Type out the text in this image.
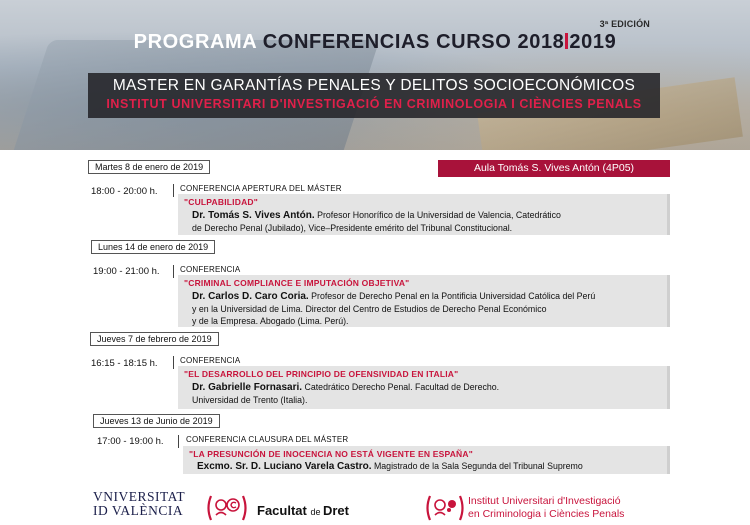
3ª EDICIÓN
PROGRAMA CONFERENCIAS CURSO 2018 2019
MASTER EN GARANTÍAS PENALES Y DELITOS SOCIOECONÓMICOS
INSTITUT UNIVERSITARI D'INVESTIGACIÓ EN CRIMINOLOGIA I CIÈNCIES PENALS
Martes 8 de enero de 2019	Aula Tomás S. Vives Antón (4P05)
18:00 - 20:00 h.	CONFERENCIA APERTURA DEL MÁSTER
"CULPABILIDAD"
Dr. Tomás S. Vives Antón. Profesor Honorífico de la Universidad de Valencia, Catedrático
de Derecho Penal (Jubilado), Vice–Presidente emérito del Tribunal Constitucional.
Lunes 14 de enero de 2019
19:00 - 21:00 h.	CONFERENCIA
"CRIMINAL COMPLIANCE E IMPUTACIÓN OBJETIVA"
Dr. Carlos D. Caro Coria. Profesor de Derecho Penal en la Pontificia Universidad Católica del Perú
y en la Universidad de Lima. Director del Centro de Estudios de Derecho Penal Económico
y de la Empresa. Abogado (Lima. Perú).
Jueves 7 de febrero de 2019
16:15 - 18:15 h.	CONFERENCIA
"EL DESARROLLO DEL PRINCIPIO DE OFENSIVIDAD EN ITALIA"
Dr. Gabrielle Fornasari. Catedrático Derecho Penal. Facultad de Derecho.
Universidad de Trento (Italia).
Jueves 13 de Junio de 2019
17:00 - 19:00 h.	CONFERENCIA CLAUSURA DEL MÁSTER
"LA PRESUNCIÓN DE INOCENCIA NO ESTÁ VIGENTE EN ESPAÑA"
Excmo. Sr. D. Luciano Varela Castro. Magistrado de la Sala Segunda del Tribunal Supremo
VNIVERSITAT
ID VALÈNCIA	Facultat de Dret
Institut Universitari d'Investigació
en Criminologia i Ciències Penals
